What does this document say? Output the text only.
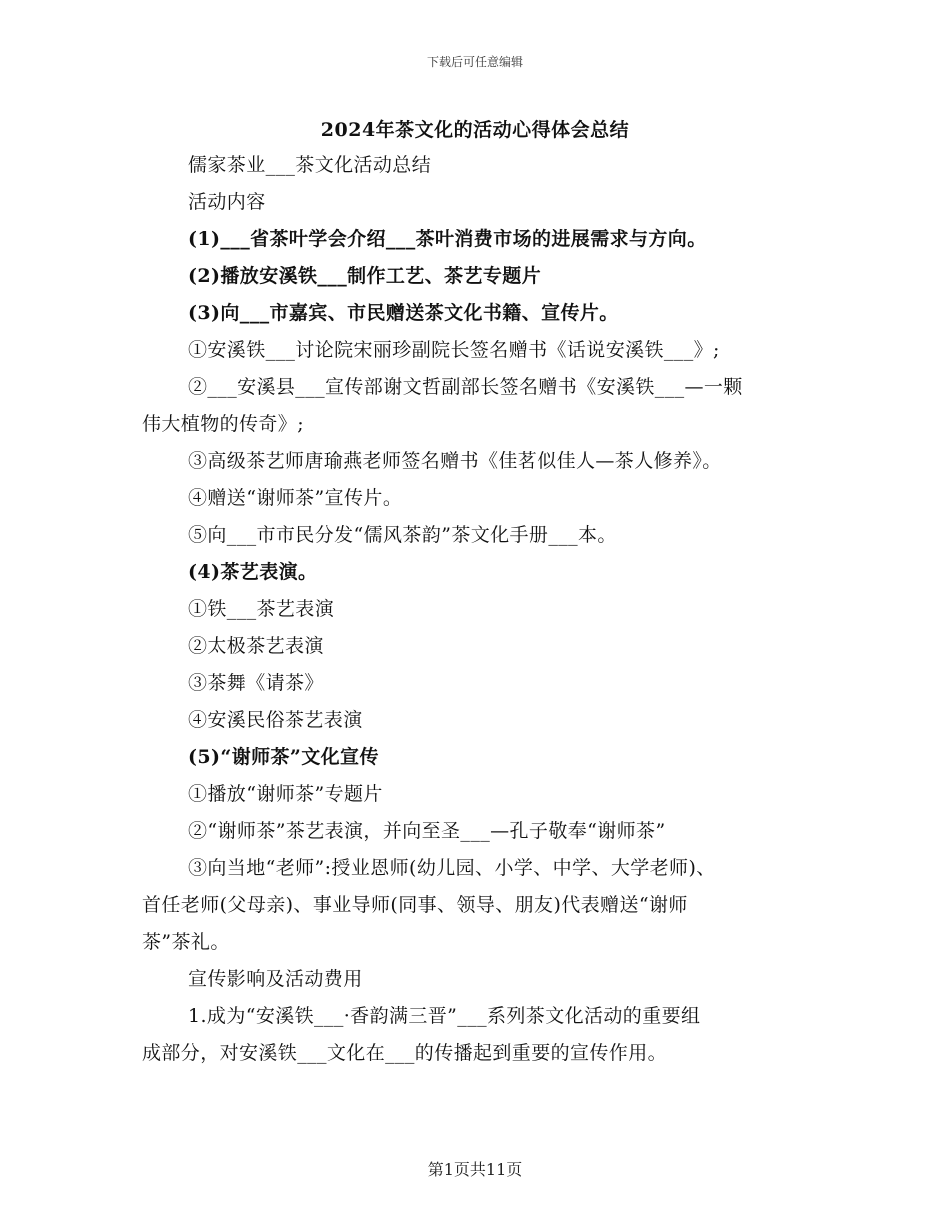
下载后可任意编辑
2024年茶文化的活动心得体会总结
儒家茶业___茶文化活动总结
活动内容
(1)___省茶叶学会介绍___茶叶消费市场的进展需求与方向。
(2)播放安溪铁___制作工艺、茶艺专题片
(3)向___市嘉宾、市民赠送茶文化书籍、宣传片。
①安溪铁___讨论院宋丽珍副院长签名赠书《话说安溪铁___》;
②___安溪县___宣传部谢文哲副部长签名赠书《安溪铁___—一颗
伟大植物的传奇》;
③高级茶艺师唐瑜燕老师签名赠书《佳茗似佳人—茶人修养》。
④赠送“谢师茶”宣传片。
⑤向___市市民分发“儒风茶韵”茶文化手册___本。
(4)茶艺表演。
①铁___茶艺表演
②太极茶艺表演
③茶舞《请茶》
④安溪民俗茶艺表演
(5)“谢师茶”文化宣传
①播放“谢师茶”专题片
②“谢师茶”茶艺表演，并向至圣___—孔子敬奉“谢师茶”
③向当地“老师”:授业恩师(幼儿园、小学、中学、大学老师)、
首任老师(父母亲)、事业导师(同事、领导、朋友)代表赠送“谢师
茶”茶礼。
宣传影响及活动费用
1.成为“安溪铁___·香韵满三晋”___系列茶文化活动的重要组
成部分，对安溪铁___文化在___的传播起到重要的宣传作用。
第1页共11页
